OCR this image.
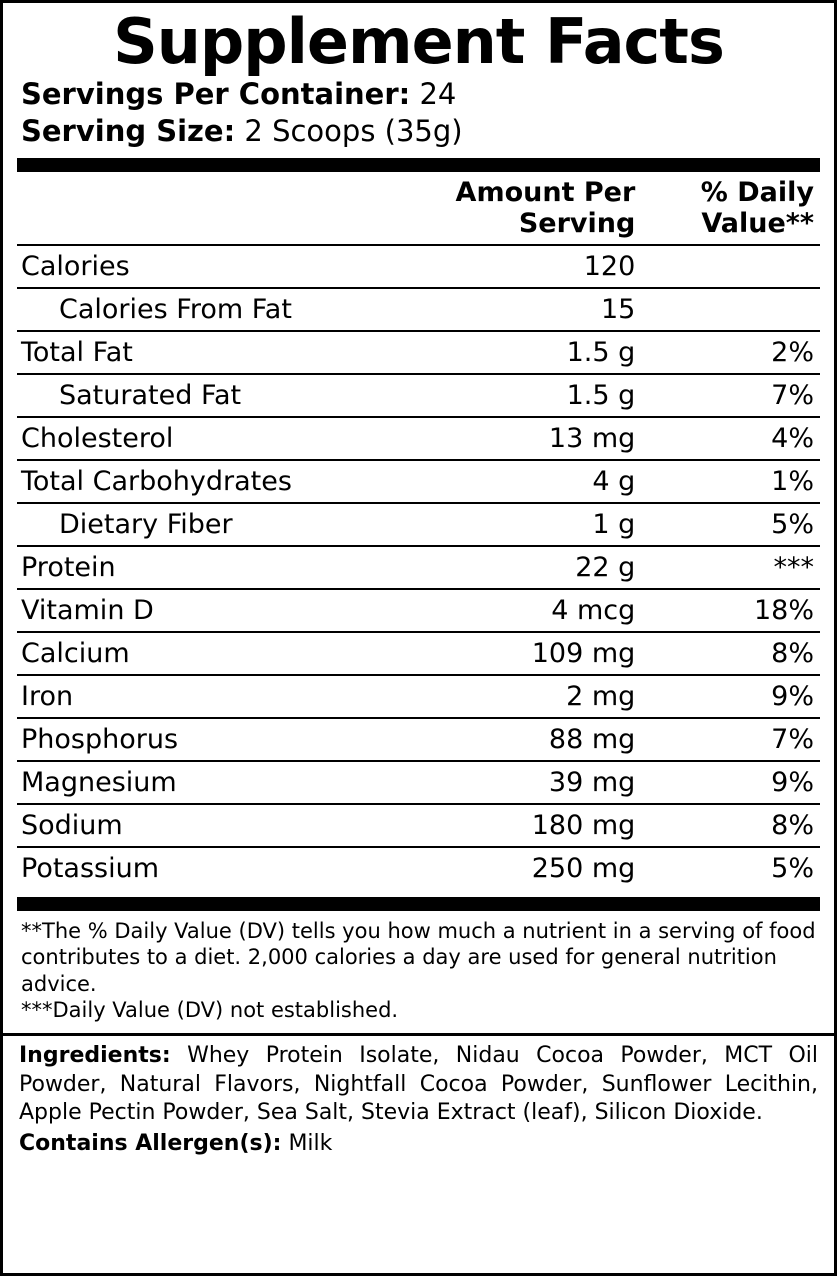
Supplement Facts
Servings Per Container: 24
Serving Size: 2 Scoops (35g)
	Amount Per Serving	% Daily Value**
Calories	120	
Calories From Fat	15	
Total Fat	1.5 g	2%
Saturated Fat	1.5 g	7%
Cholesterol	13 mg	4%
Total Carbohydrates	4 g	1%
Dietary Fiber	1 g	5%
Protein	22 g	***
Vitamin D	4 mcg	18%
Calcium	109 mg	8%
Iron	2 mg	9%
Phosphorus	88 mg	7%
Magnesium	39 mg	9%
Sodium	180 mg	8%
Potassium	250 mg	5%

**The % Daily Value (DV) tells you how much a nutrient in a serving of food contributes to a diet. 2,000 calories a day are used for general nutrition advice.

***Daily Value (DV) not established.

Ingredients: Whey Protein Isolate, Nidau Cocoa Powder, MCT Oil Powder, Natural Flavors, Nightfall Cocoa Powder, Sunflower Lecithin, Apple Pectin Powder, Sea Salt, Stevia Extract (leaf), Silicon Dioxide.
Contains Allergen(s): Milk
